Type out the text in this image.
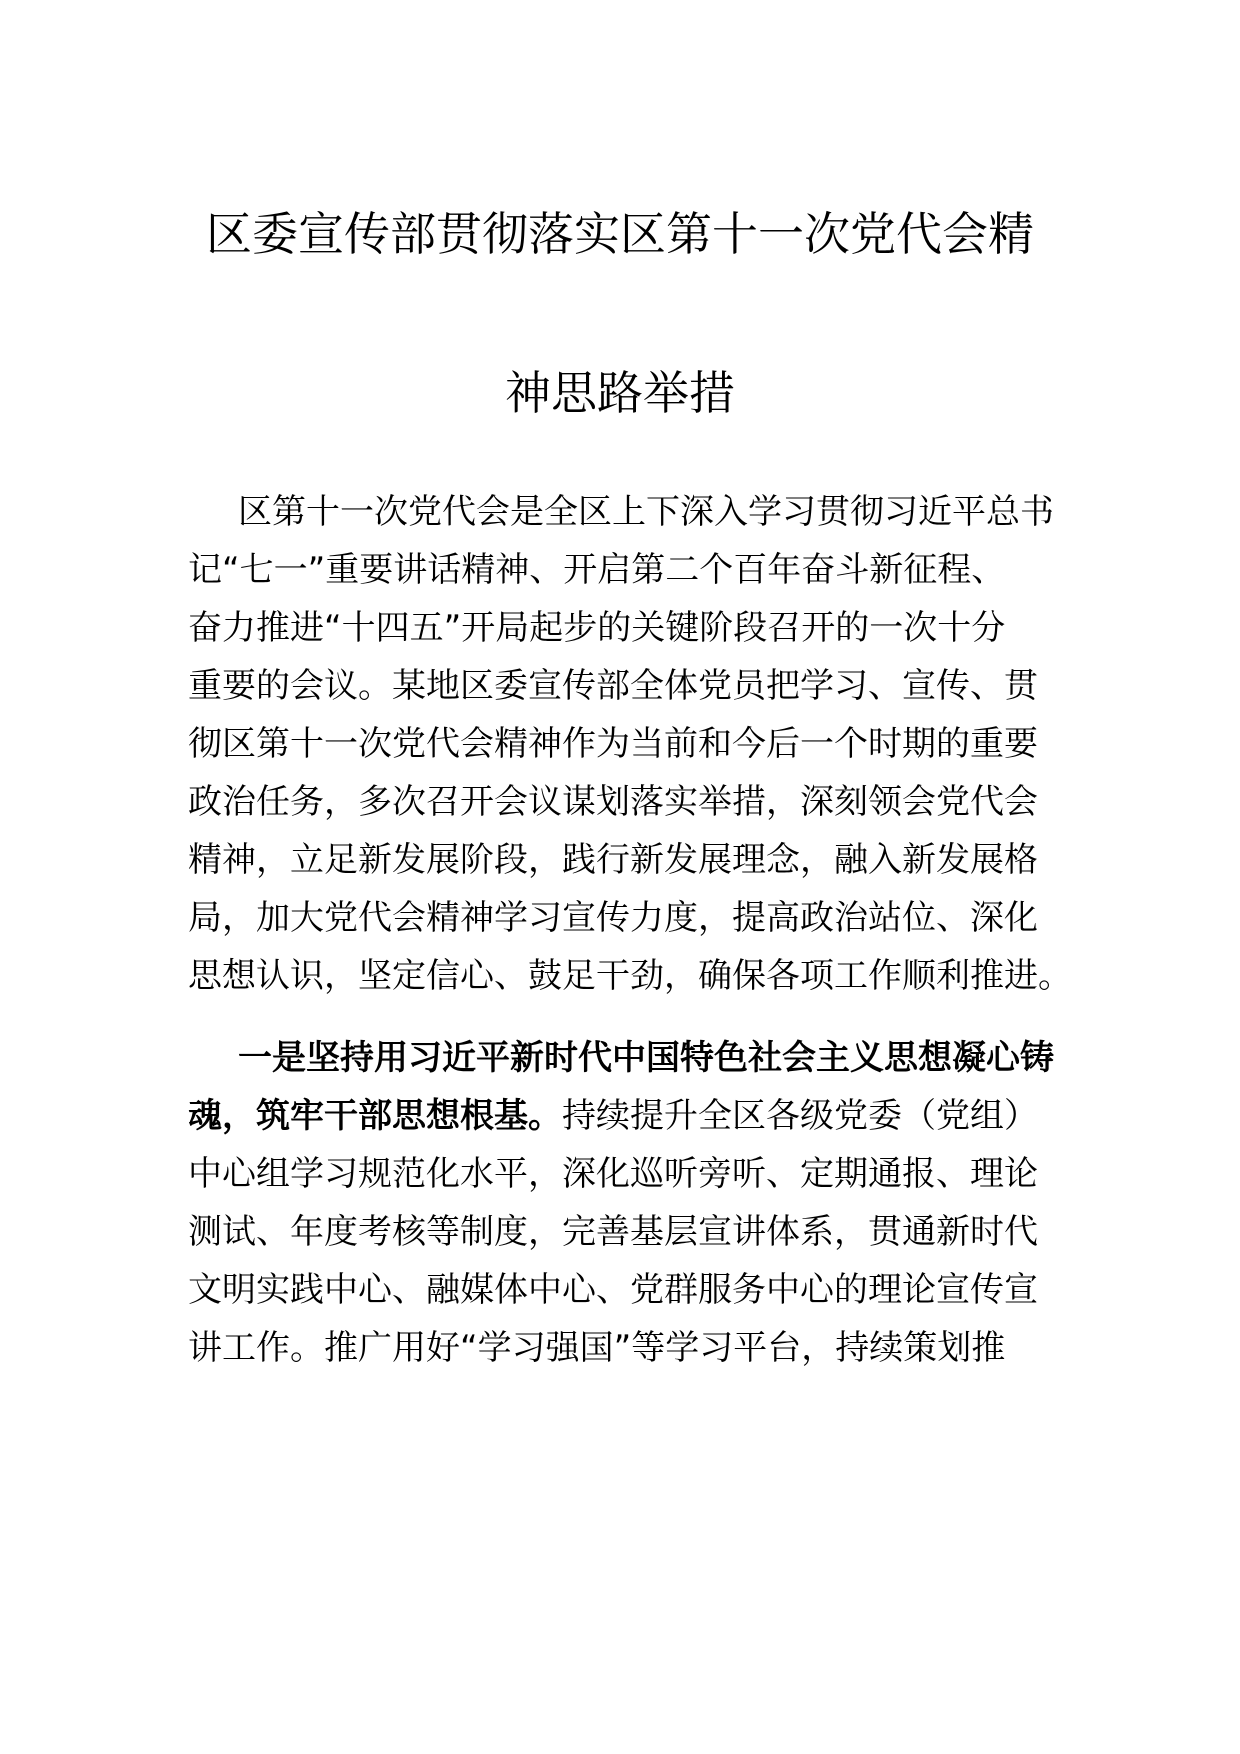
区委宣传部贯彻落实区第十一次党代会精
神思路举措
区第十一次党代会是全区上下深入学习贯彻习近平总书
记“七一”重要讲话精神、开启第二个百年奋斗新征程、
奋力推进“十四五”开局起步的关键阶段召开的一次十分
重要的会议。某地区委宣传部全体党员把学习、宣传、贯
彻区第十一次党代会精神作为当前和今后一个时期的重要
政治任务，多次召开会议谋划落实举措，深刻领会党代会
精神，立足新发展阶段，践行新发展理念，融入新发展格
局，加大党代会精神学习宣传力度，提高政治站位、深化
思想认识，坚定信心、鼓足干劲，确保各项工作顺利推进。
一是坚持用习近平新时代中国特色社会主义思想凝心铸
魂，筑牢干部思想根基。持续提升全区各级党委（党组）
中心组学习规范化水平，深化巡听旁听、定期通报、理论
测试、年度考核等制度，完善基层宣讲体系，贯通新时代
文明实践中心、融媒体中心、党群服务中心的理论宣传宣
讲工作。推广用好“学习强国”等学习平台，持续策划推
